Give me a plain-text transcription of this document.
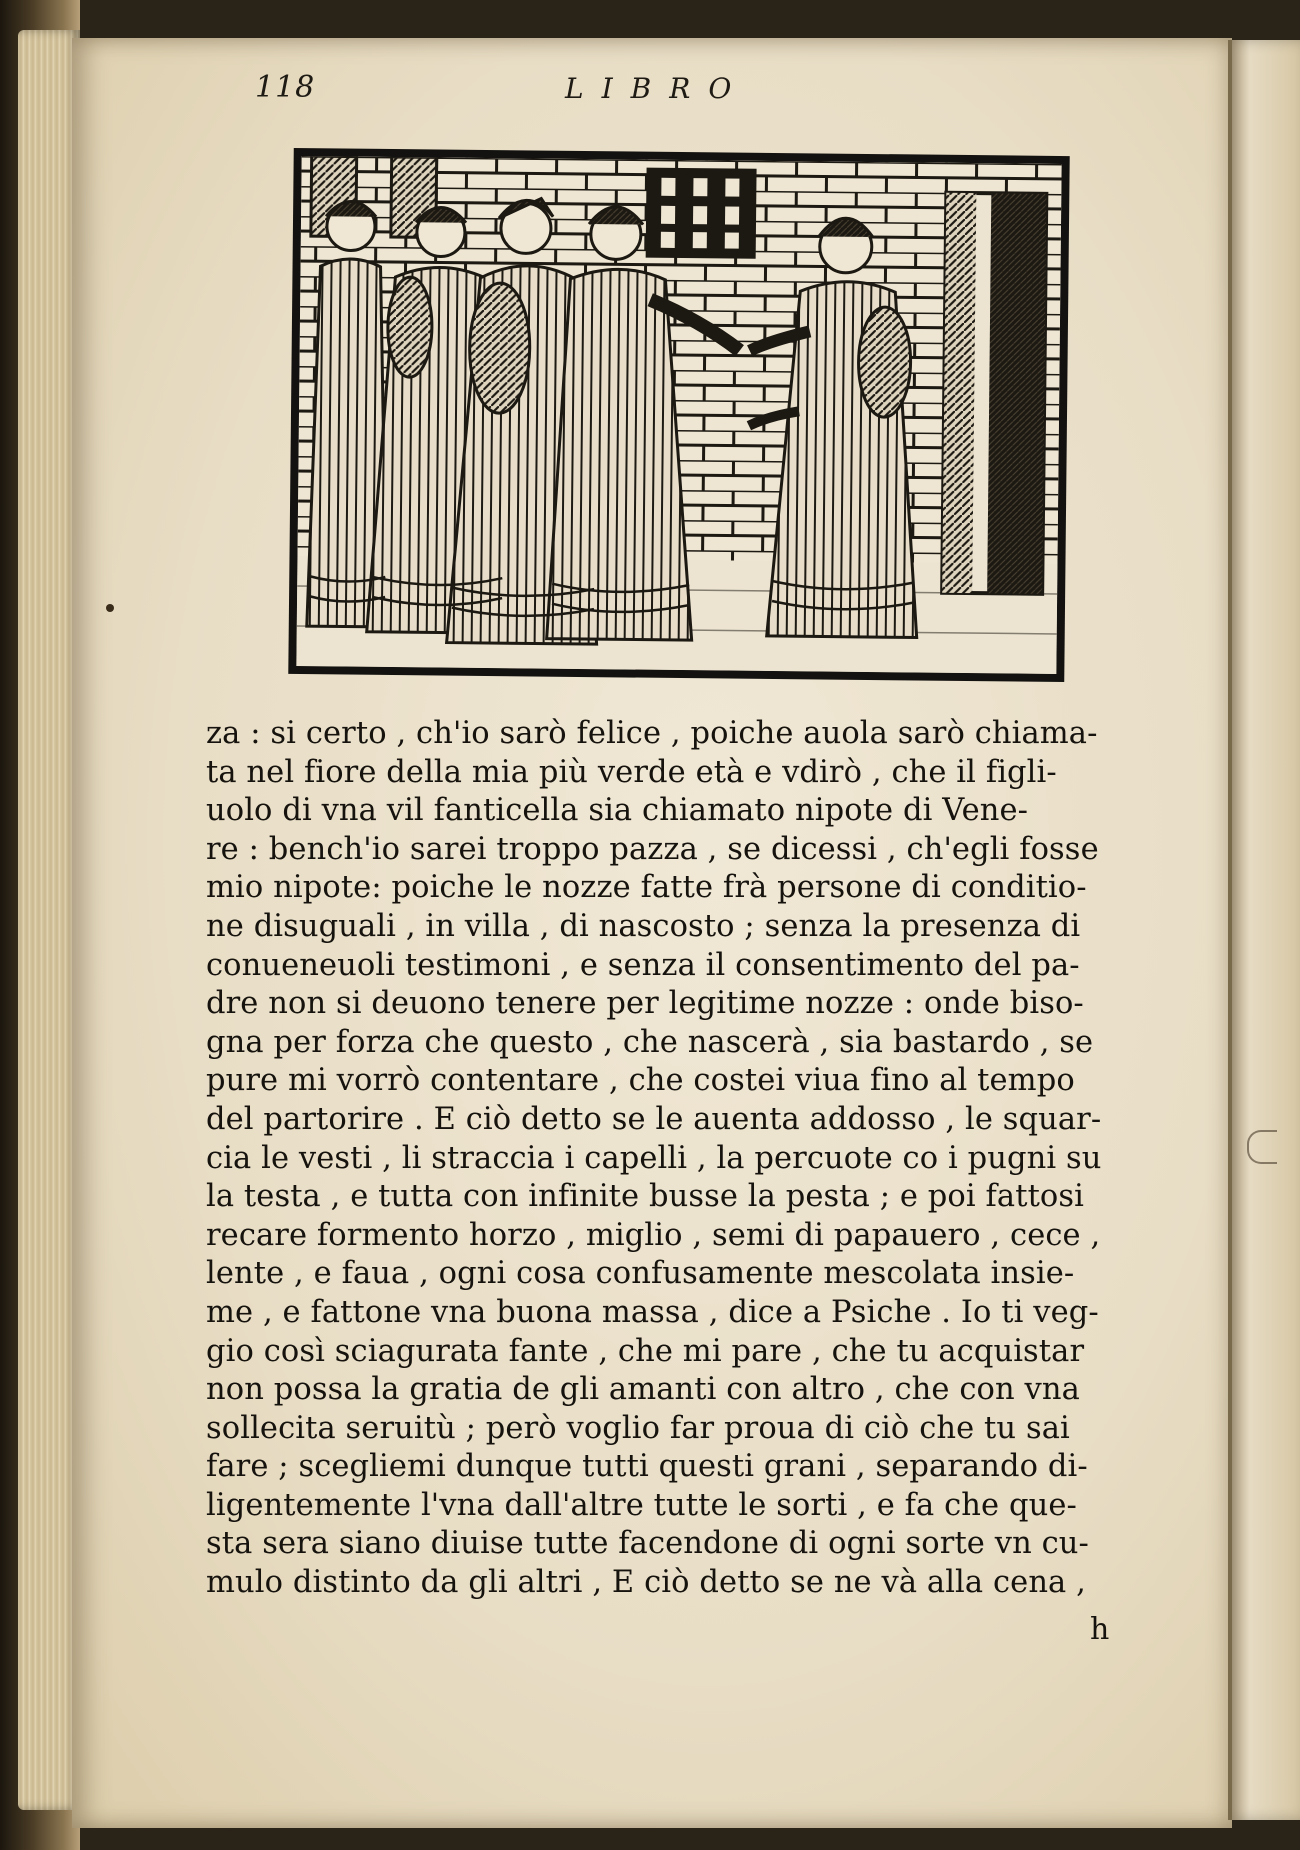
118	LIBRO
za : si certo , ch'io sarò felice , poiche auola sarò chiama-
ta nel fiore della mia più verde età e vdirò , che il figli-
uolo di vna vil fanticella sia chiamato nipote di Vene-
re : bench'io sarei troppo pazza , se dicessi , ch'egli fosse
mio nipote: poiche le nozze fatte frà persone di conditio-
ne disuguali , in villa , di nascosto ; senza la presenza di
conueneuoli testimoni , e senza il consentimento del pa-
dre non si deuono tenere per legitime nozze : onde biso-
gna per forza che questo , che nascerà , sia bastardo , se
pure mi vorrò contentare , che costei viua fino al tempo
del partorire . E ciò detto se le auenta addosso , le squar-
cia le vesti , li straccia i capelli , la percuote co i pugni su
la testa , e tutta con infinite busse la pesta ; e poi fattosi
recare formento horzo , miglio , semi di papauero , cece ,
lente , e faua , ogni cosa confusamente mescolata insie-
me , e fattone vna buona massa , dice a Psiche . Io ti veg-
gio così sciagurata fante , che mi pare , che tu acquistar
non possa la gratia de gli amanti con altro , che con vna
sollecita seruitù ; però voglio far proua di ciò che tu sai
fare ; scegliemi dunque tutti questi grani , separando di-
ligentemente l'vna dall'altre tutte le sorti , e fa che que-
sta sera siano diuise tutte facendone di ogni sorte vn cu-
mulo distinto da gli altri , E ciò detto se ne và alla cena ,
h
